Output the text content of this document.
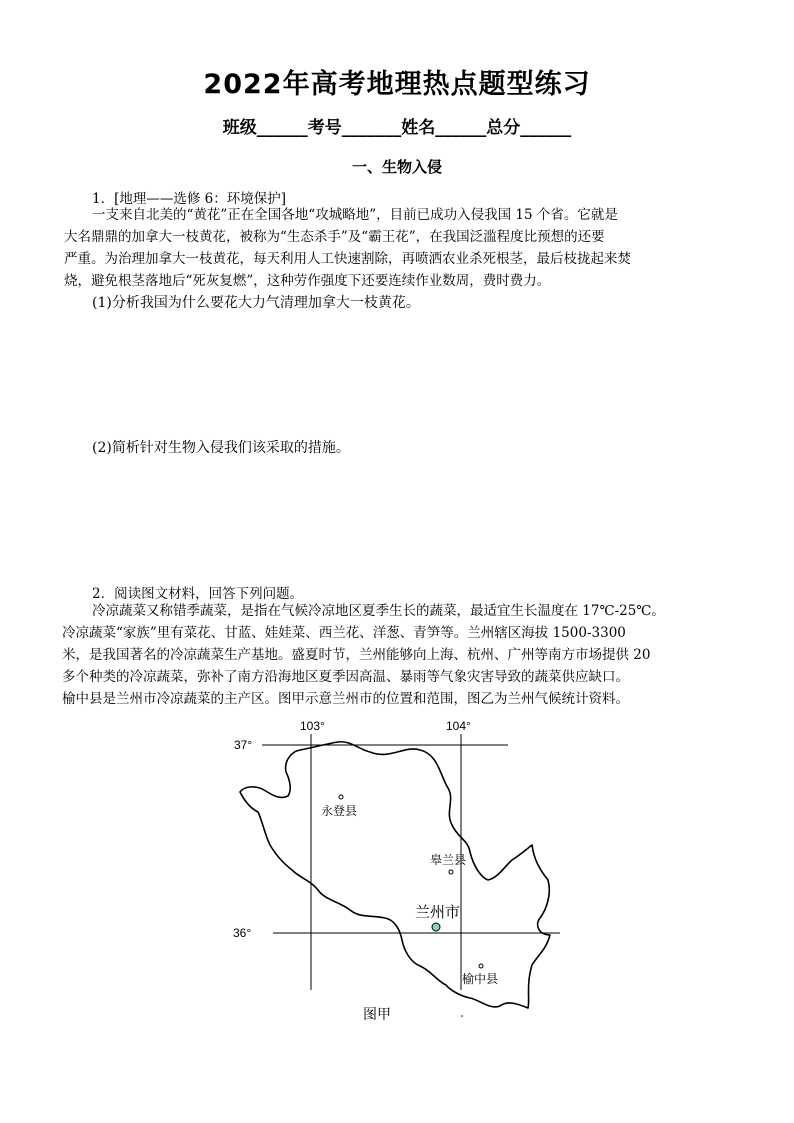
2022年高考地理热点题型练习
班级______考号_______姓名______总分______
一、生物入侵
1．[地理——选修 6：环境保护]
一支来自北美的“黄花”正在全国各地“攻城略地”，目前已成功入侵我国 15 个省。它就是
大名鼎鼎的加拿大一枝黄花，被称为“生态杀手”及“霸王花”，在我国泛滥程度比预想的还要
严重。为治理加拿大一枝黄花，每天利用人工快速割除，再喷洒农业杀死根茎，最后枝拢起来焚
烧，避免根茎落地后“死灰复燃”，这种劳作强度下还要连续作业数周，费时费力。
(1)分析我国为什么要花大力气清理加拿大一枝黄花。
(2)简析针对生物入侵我们该采取的措施。
2．阅读图文材料，回答下列问题。
冷凉蔬菜又称错季蔬菜，是指在气候冷凉地区夏季生长的蔬菜，最适宜生长温度在 17℃-25℃。
冷凉蔬菜“家族”里有菜花、甘蓝、娃娃菜、西兰花、洋葱、青笋等。兰州辖区海拔 1500-3300
米，是我国著名的冷凉蔬菜生产基地。盛夏时节，兰州能够向上海、杭州、广州等南方市场提供 20
多个种类的冷凉蔬菜，弥补了南方沿海地区夏季因高温、暴雨等气象灾害导致的蔬菜供应缺口。
榆中县是兰州市冷凉蔬菜的主产区。图甲示意兰州市的位置和范围，图乙为兰州气候统计资料。
103°	104°
37°
36°
永登县
皋兰县
兰州市
榆中县
图甲
